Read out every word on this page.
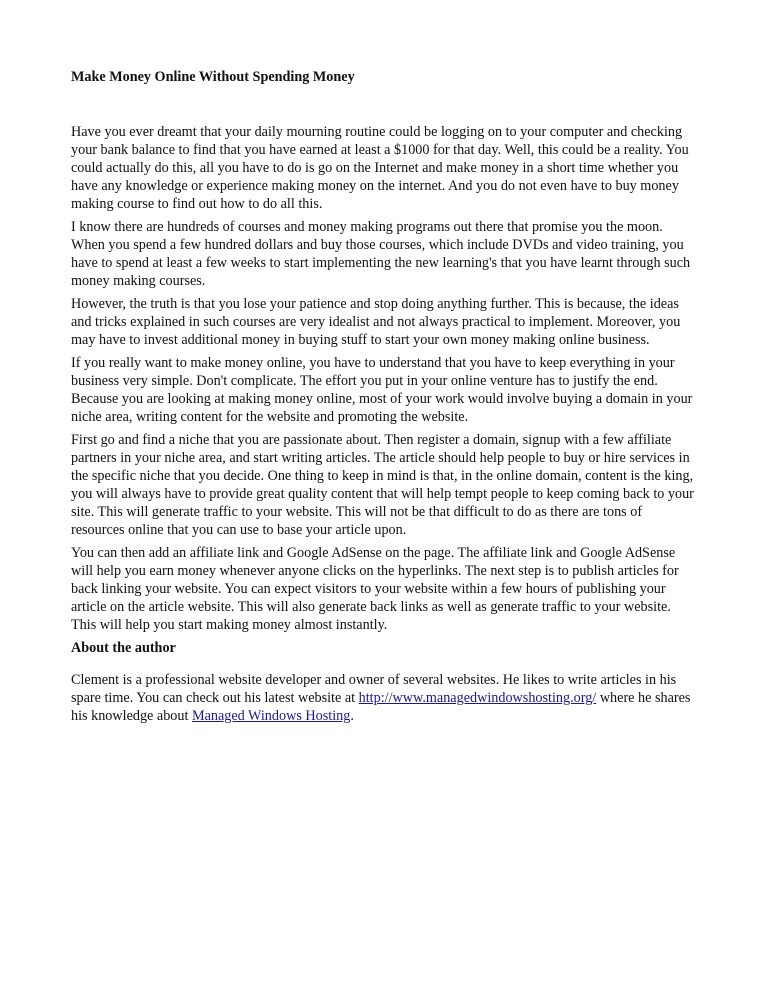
Make Money Online Without Spending Money

Have you ever dreamt that your daily mourning routine could be logging on to your computer and checking your bank balance to find that you have earned at least a $1000 for that day. Well, this could be a reality. You could actually do this, all you have to do is go on the Internet and make money in a short time whether you have any knowledge or experience making money on the internet. And you do not even have to buy money making course to find out how to do all this.

I know there are hundreds of courses and money making programs out there that promise you the moon. When you spend a few hundred dollars and buy those courses, which include DVDs and video training, you have to spend at least a few weeks to start implementing the new learning's that you have learnt through such money making courses.

However, the truth is that you lose your patience and stop doing anything further. This is because, the ideas and tricks explained in such courses are very idealist and not always practical to implement. Moreover, you may have to invest additional money in buying stuff to start your own money making online business.

If you really want to make money online, you have to understand that you have to keep everything in your business very simple. Don't complicate. The effort you put in your online venture has to justify the end. Because you are looking at making money online, most of your work would involve buying a domain in your niche area, writing content for the website and promoting the website.

First go and find a niche that you are passionate about. Then register a domain, signup with a few affiliate partners in your niche area, and start writing articles. The article should help people to buy or hire services in the specific niche that you decide. One thing to keep in mind is that, in the online domain, content is the king, you will always have to provide great quality content that will help tempt people to keep coming back to your site. This will generate traffic to your website. This will not be that difficult to do as there are tons of resources online that you can use to base your article upon.

You can then add an affiliate link and Google AdSense on the page. The affiliate link and Google AdSense will help you earn money whenever anyone clicks on the hyperlinks. The next step is to publish articles for back linking your website. You can expect visitors to your website within a few hours of publishing your article on the article website. This will also generate back links as well as generate traffic to your website. This will help you start making money almost instantly.

About the author

Clement is a professional website developer and owner of several websites. He likes to write articles in his spare time. You can check out his latest website at http://www.managedwindowshosting.org/ where he shares his knowledge about Managed Windows Hosting.
